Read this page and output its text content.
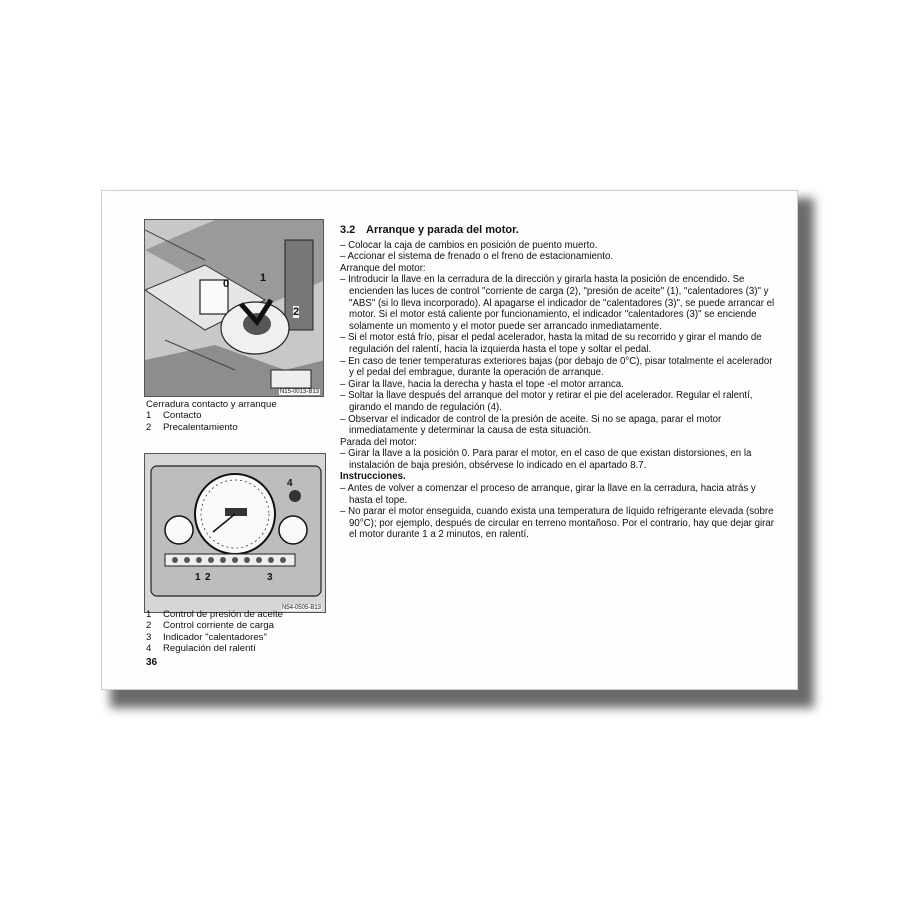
0	1
2
N15-0013-B13
Cerradura contacto y arranque
1 Contacto
2 Precalentamiento
4
1 2	3
N54-0505-B13
1 Control de presión de aceite
2 Control corriente de carga
3 Indicador "calentadores"
4 Regulación del ralentí
36
3.2 Arranque y parada del motor.

– Colocar la caja de cambios en posición de puento muerto.

– Accionar el sistema de frenado o el freno de estacionamiento.

Arranque del motor:

– Introducir la llave en la cerradura de la dirección y girarla hasta la posición de encendido. Se encienden las luces de control "corriente de carga (2), "presión de aceite" (1), "calentadores (3)" y "ABS" (si lo lleva incorporado). Al apagarse el indicador de "calentadores (3)", se puede arrancar el motor. Si el motor está caliente por funcionamiento, el indicador "calentadores (3)" se enciende solamente un momento y el motor puede ser arrancado inmediatamente.

– Si el motor está frío, pisar el pedal acelerador, hasta la mitad de su recorrido y girar el mando de regulación del ralentí, hacia la izquierda hasta el tope y soltar el pedal.

– En caso de tener temperaturas exteriores bajas (por debajo de 0°C), pisar totalmente el acelerador y el pedal del embrague, durante la operación de arranque.

– Girar la llave, hacia la derecha y hasta el tope -el motor arranca.

– Soltar la llave después del arranque del motor y retirar el pie del acelerador. Regular el ralentí, girando el mando de regulación (4).

– Observar el indicador de control de la presión de aceite. Si no se apaga, parar el motor inmediatamente y determinar la causa de esta situación.

Parada del motor:

– Girar la llave a la posición 0. Para parar el motor, en el caso de que existan distorsiones, en la instalación de baja presión, obsérvese lo indicado en el apartado 8.7.

Instrucciones.

– Antes de volver a comenzar el proceso de arranque, girar la llave en la cerradura, hacia atrás y hasta el tope.

– No parar el motor enseguida, cuando exista una temperatura de líquido refrigerante elevada (sobre 90°C); por ejemplo, después de circular en terreno montañoso. Por el contrario, hay que dejar girar el motor durante 1 a 2 minutos, en ralentí.
